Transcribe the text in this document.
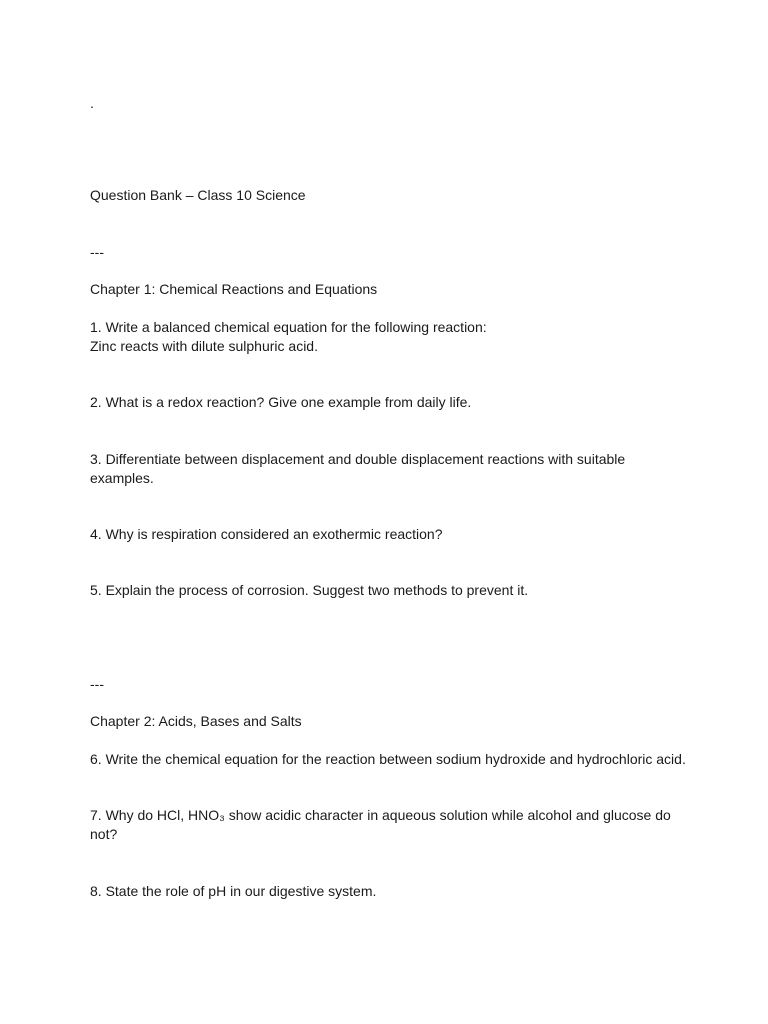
.
Question Bank – Class 10 Science
---
Chapter 1: Chemical Reactions and Equations
1. Write a balanced chemical equation for the following reaction:
Zinc reacts with dilute sulphuric acid.
2. What is a redox reaction? Give one example from daily life.
3. Differentiate between displacement and double displacement reactions with suitable examples.
4. Why is respiration considered an exothermic reaction?
5. Explain the process of corrosion. Suggest two methods to prevent it.
---
Chapter 2: Acids, Bases and Salts
6. Write the chemical equation for the reaction between sodium hydroxide and hydrochloric acid.
7. Why do HCl, HNO₃ show acidic character in aqueous solution while alcohol and glucose do not?
8. State the role of pH in our digestive system.
